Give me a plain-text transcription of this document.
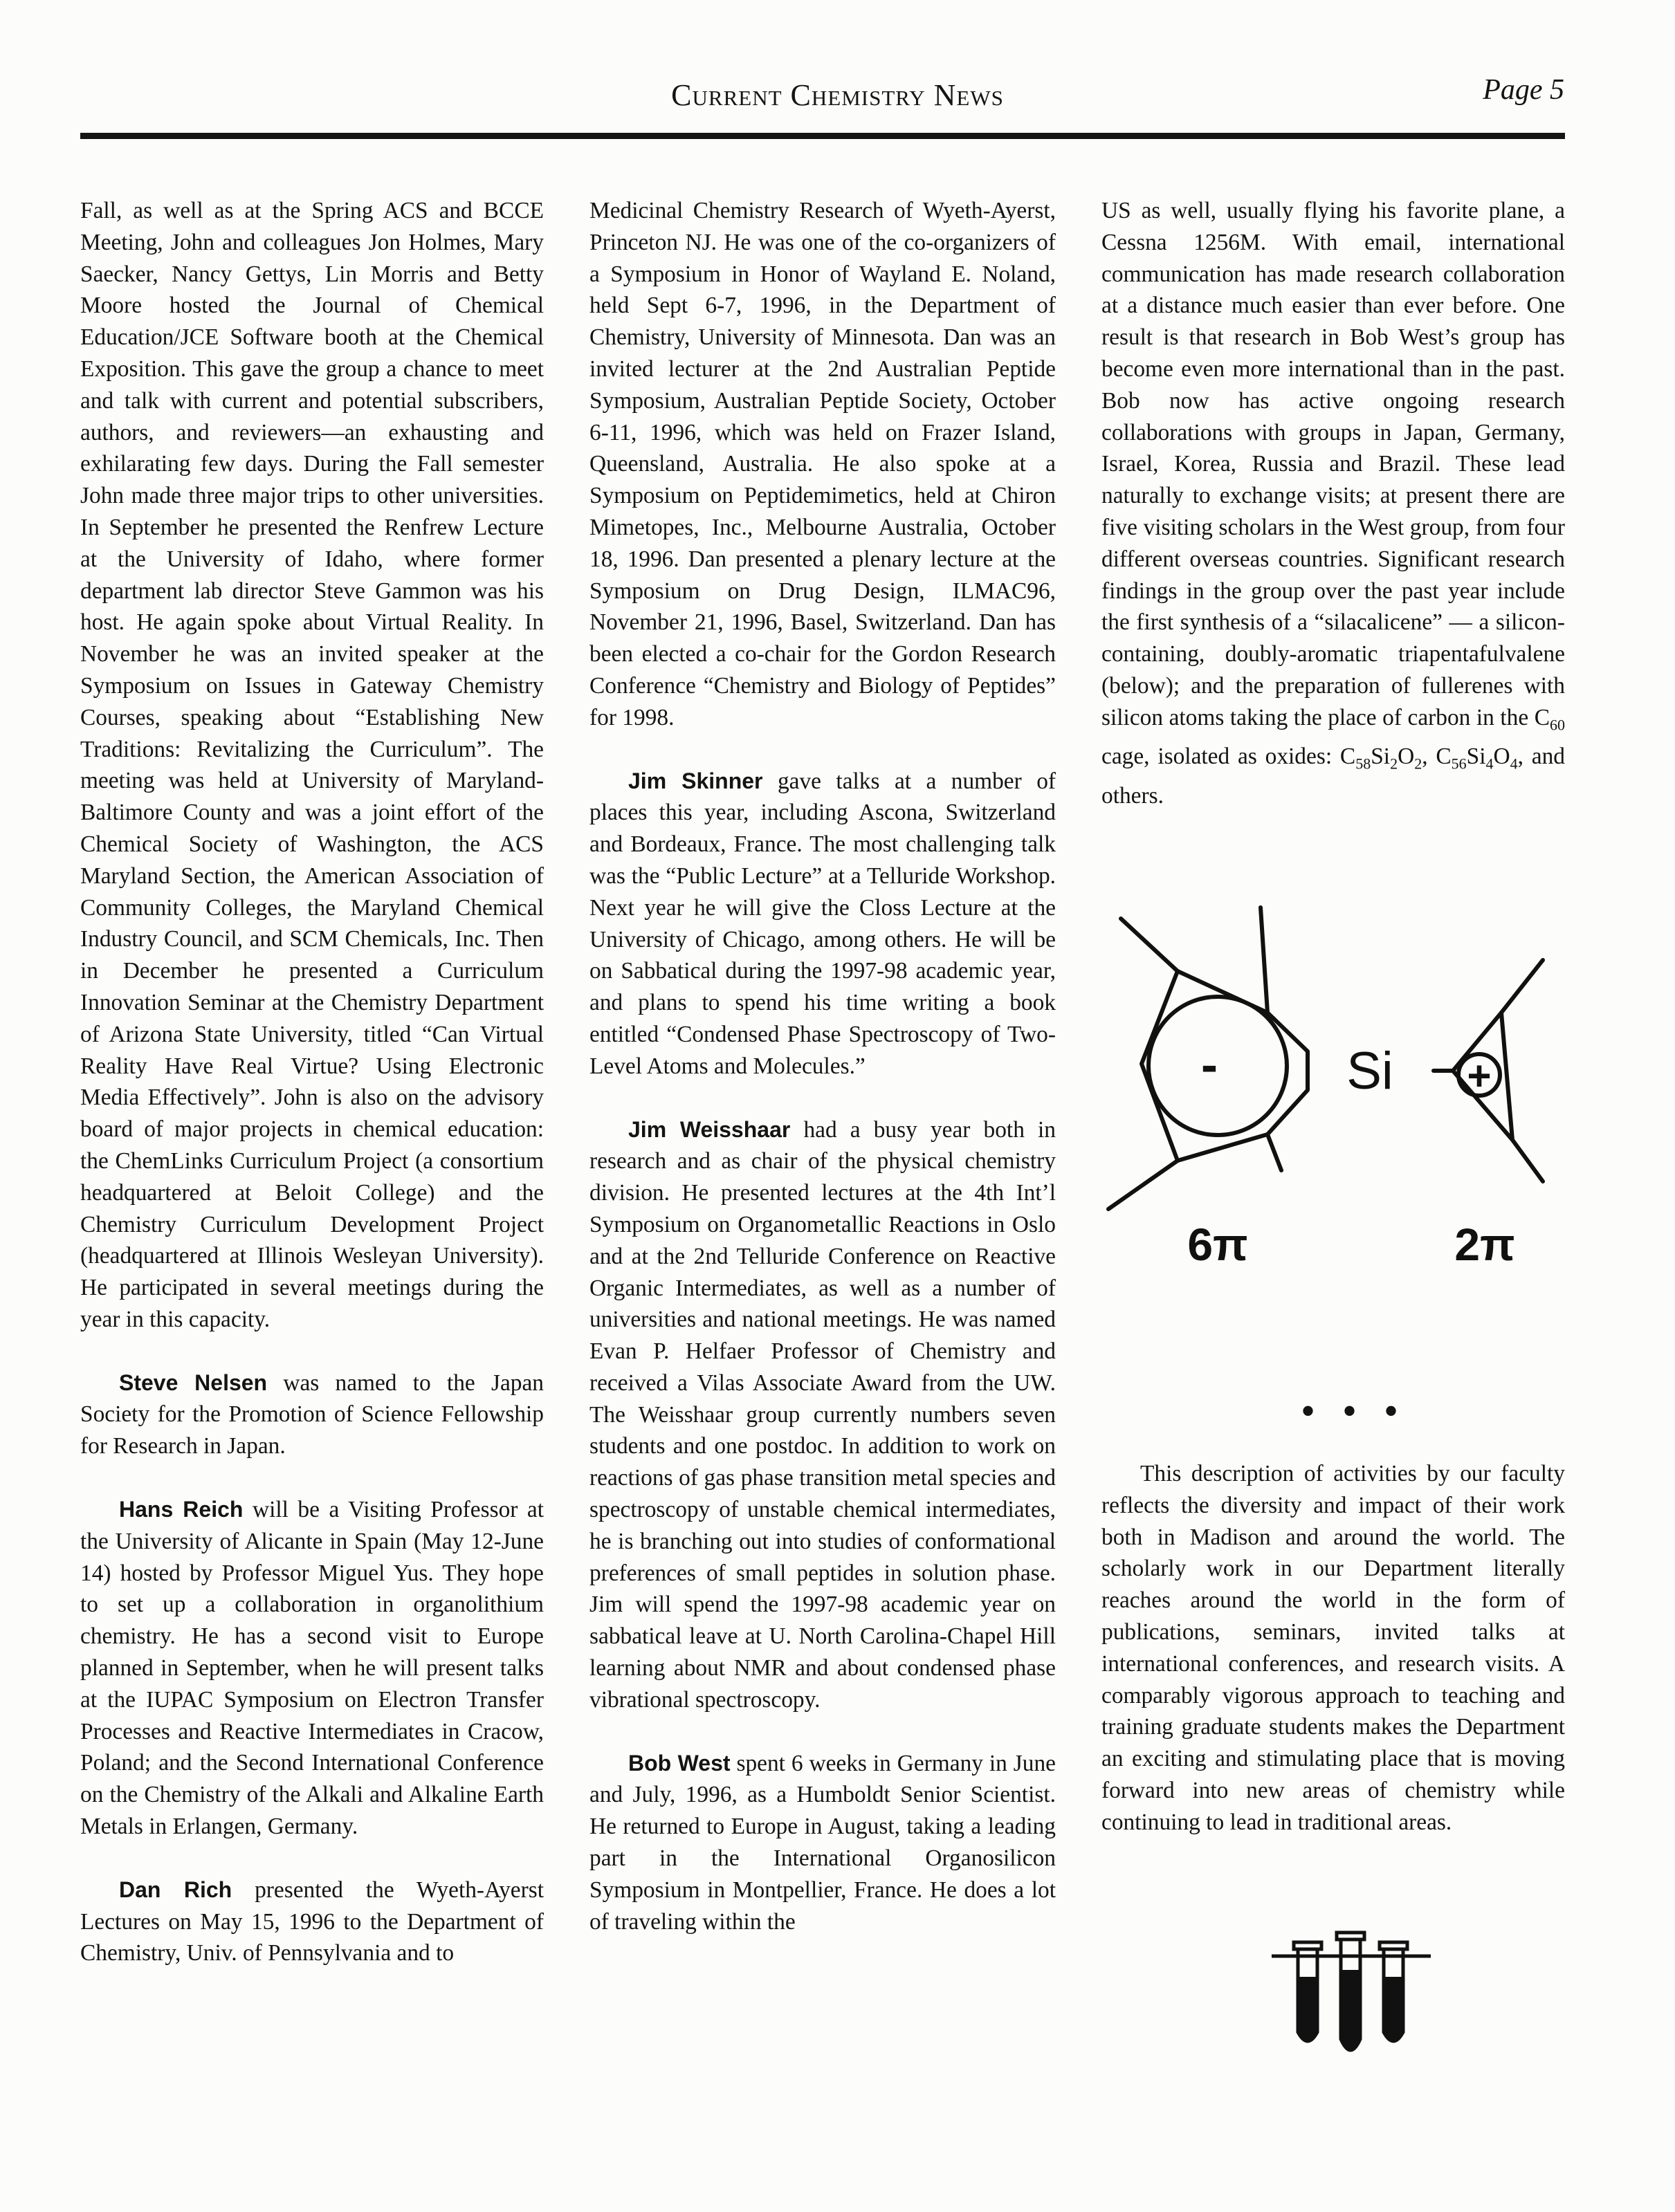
Current Chemistry News	Page 5

Fall, as well as at the Spring ACS and BCCE Meeting, John and colleagues Jon Holmes, Mary Saecker, Nancy Gettys, Lin Morris and Betty Moore hosted the Journal of Chemical Education/JCE Software booth at the Chemical Exposition. This gave the group a chance to meet and talk with current and potential subscribers, authors, and reviewers—an exhausting and exhilarating few days. During the Fall semester John made three major trips to other universities. In September he presented the Renfrew Lecture at the University of Idaho, where former department lab director Steve Gammon was his host. He again spoke about Virtual Reality. In November he was an invited speaker at the Symposium on Issues in Gateway Chemistry Courses, speaking about “Establishing New Traditions: Revitalizing the Curriculum”. The meeting was held at University of Maryland-Baltimore County and was a joint effort of the Chemical Society of Washington, the ACS Maryland Section, the American Association of Community Colleges, the Maryland Chemical Industry Council, and SCM Chemicals, Inc. Then in December he presented a Curriculum Innovation Seminar at the Chemistry Department of Arizona State University, titled “Can Virtual Reality Have Real Virtue? Using Electronic Media Effectively”. John is also on the advisory board of major projects in chemical education: the ChemLinks Curriculum Project (a consortium headquartered at Beloit College) and the Chemistry Curriculum Development Project (headquartered at Illinois Wesleyan University). He participated in several meetings during the year in this capacity.

Steve Nelsen was named to the Japan Society for the Promotion of Science Fellowship for Research in Japan.

Hans Reich will be a Visiting Professor at the University of Alicante in Spain (May 12-June 14) hosted by Professor Miguel Yus. They hope to set up a collaboration in organolithium chemistry. He has a second visit to Europe planned in September, when he will present talks at the IUPAC Symposium on Electron Transfer Processes and Reactive Intermediates in Cracow, Poland; and the Second International Conference on the Chemistry of the Alkali and Alkaline Earth Metals in Erlangen, Germany.

Dan Rich presented the Wyeth-Ayerst Lectures on May 15, 1996 to the Department of Chemistry, Univ. of Pennsylvania and to

Medicinal Chemistry Research of Wyeth-Ayerst, Princeton NJ. He was one of the co-organizers of a Symposium in Honor of Wayland E. Noland, held Sept 6-7, 1996, in the Department of Chemistry, University of Minnesota. Dan was an invited lecturer at the 2nd Australian Peptide Symposium, Australian Peptide Society, October 6-11, 1996, which was held on Frazer Island, Queensland, Australia. He also spoke at a Symposium on Peptidemimetics, held at Chiron Mimetopes, Inc., Melbourne Australia, October 18, 1996. Dan presented a plenary lecture at the Symposium on Drug Design, ILMAC96, November 21, 1996, Basel, Switzerland. Dan has been elected a co-chair for the Gordon Research Conference “Chemistry and Biology of Peptides” for 1998.

Jim Skinner gave talks at a number of places this year, including Ascona, Switzerland and Bordeaux, France. The most challenging talk was the “Public Lecture” at a Telluride Workshop. Next year he will give the Closs Lecture at the University of Chicago, among others. He will be on Sabbatical during the 1997-98 academic year, and plans to spend his time writing a book entitled “Condensed Phase Spectroscopy of Two-Level Atoms and Molecules.”

Jim Weisshaar had a busy year both in research and as chair of the physical chemistry division. He presented lectures at the 4th Int’l Symposium on Organometallic Reactions in Oslo and at the 2nd Telluride Conference on Reactive Organic Intermediates, as well as a number of universities and national meetings. He was named Evan P. Helfaer Professor of Chemistry and received a Vilas Associate Award from the UW. The Weisshaar group currently numbers seven students and one postdoc. In addition to work on reactions of gas phase transition metal species and spectroscopy of unstable chemical intermediates, he is branching out into studies of conformational preferences of small peptides in solution phase. Jim will spend the 1997-98 academic year on sabbatical leave at U. North Carolina-Chapel Hill learning about NMR and about condensed phase vibrational spectroscopy.

Bob West spent 6 weeks in Germany in June and July, 1996, as a Humboldt Senior Scientist. He returned to Europe in August, taking a leading part in the International Organosilicon Symposium in Montpellier, France. He does a lot of traveling within the

US as well, usually flying his favorite plane, a Cessna 1256M. With email, international communication has made research collaboration at a distance much easier than ever before. One result is that research in Bob West’s group has become even more international than in the past. Bob now has active ongoing research collaborations with groups in Japan, Germany, Israel, Korea, Russia and Brazil. These lead naturally to exchange visits; at present there are five visiting scholars in the West group, from four different overseas countries. Significant research findings in the group over the past year include the first synthesis of a “silacalicene” — a silicon-containing, doubly-aromatic triapentafulvalene (below); and the preparation of fullerenes with silicon atoms taking the place of carbon in the $C_{60}$ cage, isolated as oxides: $C_{58}Si_2O_2$, $C_{56}Si_4O_4$, and others.

- Si +
6π	2π
• • •

This description of activities by our faculty reflects the diversity and impact of their work both in Madison and around the world. The scholarly work in our Department literally reaches around the world in the form of publications, seminars, invited talks at international conferences, and research visits. A comparably vigorous approach to teaching and training graduate students makes the Department an exciting and stimulating place that is moving forward into new areas of chemistry while continuing to lead in traditional areas.
